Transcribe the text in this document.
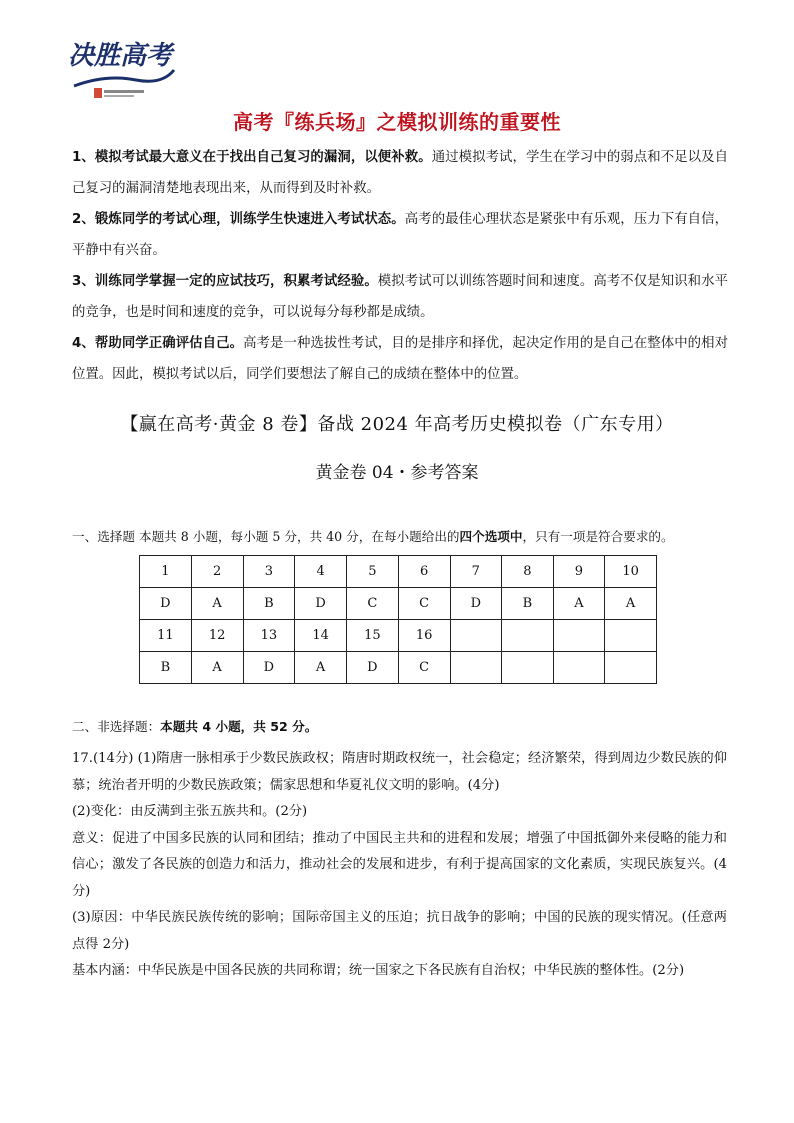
决胜高考
高考『练兵场』之模拟训练的重要性

1、模拟考试最大意义在于找出自己复习的漏洞，以便补救。通过模拟考试，学生在学习中的弱点和不足以及自己复习的漏洞清楚地表现出来，从而得到及时补救。

2、锻炼同学的考试心理，训练学生快速进入考试状态。高考的最佳心理状态是紧张中有乐观，压力下有自信，平静中有兴奋。

3、训练同学掌握一定的应试技巧，积累考试经验。模拟考试可以训练答题时间和速度。高考不仅是知识和水平的竞争，也是时间和速度的竞争，可以说每分每秒都是成绩。

4、帮助同学正确评估自己。高考是一种选拔性考试，目的是排序和择优，起决定作用的是自己在整体中的相对位置。因此，模拟考试以后，同学们要想法了解自己的成绩在整体中的位置。

【赢在高考·黄金 8 卷】备战 2024 年高考历史模拟卷（广东专用）
黄金卷 04・参考答案
一、选择题 本题共 8 小题，每小题 5 分，共 40 分，在每小题给出的四个选项中，只有一项是符合要求的。
1	2	3	4	5	6	7	8	9	10
D	A	B	D	C	C	D	B	A	A
11	12	13	14	15	16				
B	A	D	A	D	C				
二、非选择题：本题共 4 小题，共 52 分。

17.(14分) (1)隋唐一脉相承于少数民族政权；隋唐时期政权统一，社会稳定；经济繁荣，得到周边少数民族的仰慕；统治者开明的少数民族政策；儒家思想和华夏礼仪文明的影响。(4分)

(2)变化：由反满到主张五族共和。(2分)

意义：促进了中国多民族的认同和团结；推动了中国民主共和的进程和发展；增强了中国抵御外来侵略的能力和信心；激发了各民族的创造力和活力，推动社会的发展和进步，有利于提高国家的文化素质，实现民族复兴。(4分)

(3)原因：中华民族民族传统的影响；国际帝国主义的压迫；抗日战争的影响；中国的民族的现实情况。(任意两点得 2分)

基本内涵：中华民族是中国各民族的共同称谓；统一国家之下各民族有自治权；中华民族的整体性。(2分)
